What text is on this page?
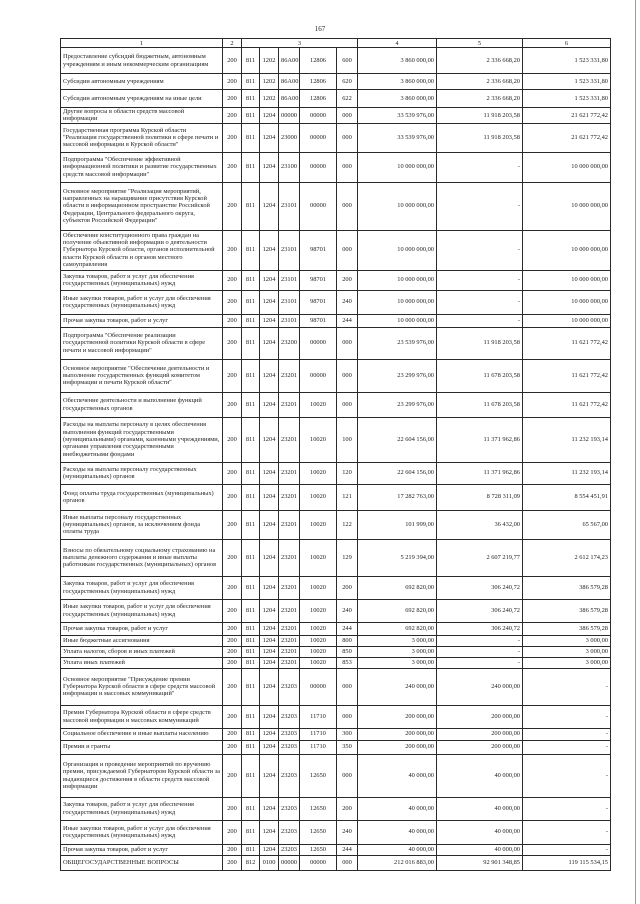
167
1	2	3					4	5	6
Предоставление субсидий бюджетным, автономным учреждениям и иным некоммерческим организациям	200	811	1202	86А00	12806	600	3 860 000,00	2 336 668,20	1 523 331,80
Субсидии автономным учреждениям	200	811	1202	86А00	12806	620	3 860 000,00	2 336 668,20	1 523 331,80
Субсидии автономным учреждениям на иные цели	200	811	1202	86А00	12806	622	3 860 000,00	2 336 668,20	1 523 331,80
Другие вопросы в области средств массовой информации	200	811	1204	00000	00000	000	33 539 976,00	11 918 203,58	21 621 772,42
Государственная программа Курской области "Реализация государственной политики в сфере печати и массовой информации в Курской области"	200	811	1204	23000	00000	000	33 539 976,00	11 918 203,58	21 621 772,42
Подпрограмма "Обеспечение эффективной информационной политики и развитие государственных средств массовой информации"	200	811	1204	23100	00000	000	10 000 000,00	-	10 000 000,00
Основное мероприятие "Реализация мероприятий, направленных на наращивание присутствия Курской области в информационном пространстве Российской Федерации, Центрального федерального округа, субъектов Российской Федерации"	200	811	1204	23101	00000	000	10 000 000,00	-	10 000 000,00
Обеспечение конституционного права граждан на получение объективной информации о деятельности Губернатора Курской области, органов исполнительной власти Курской области и органов местного самоуправления	200	811	1204	23101	98701	000	10 000 000,00	-	10 000 000,00
Закупка товаров, работ и услуг для обеспечения государственных (муниципальных) нужд	200	811	1204	23101	98701	200	10 000 000,00	-	10 000 000,00
Иные закупки товаров, работ и услуг для обеспечения государственных (муниципальных) нужд	200	811	1204	23101	98701	240	10 000 000,00	-	10 000 000,00
Прочая закупка товаров, работ и услуг	200	811	1204	23101	98701	244	10 000 000,00	-	10 000 000,00
Подпрограмма "Обеспечение реализации государственной политики Курской области в сфере печати и массовой информации"	200	811	1204	23200	00000	000	23 539 976,00	11 918 203,58	11 621 772,42
Основное мероприятие "Обеспечение деятельности и выполнение государственных функций комитетом информации и печати Курской области"	200	811	1204	23201	00000	000	23 299 976,00	11 678 203,58	11 621 772,42
Обеспечение деятельности и выполнение функций государственных органов	200	811	1204	23201	10020	000	23 299 976,00	11 678 203,58	11 621 772,42
Расходы на выплаты персоналу в целях обеспечения выполнения функций государственными (муниципальными) органами, казенными учреждениями, органами управления государственными внебюджетными фондами	200	811	1204	23201	10020	100	22 604 156,00	11 371 962,86	11 232 193,14
Расходы на выплаты персоналу государственных (муниципальных) органов	200	811	1204	23201	10020	120	22 604 156,00	11 371 962,86	11 232 193,14
Фонд оплаты труда государственных (муниципальных) органов	200	811	1204	23201	10020	121	17 282 763,00	8 728 311,09	8 554 451,91
Иные выплаты персоналу государственных (муниципальных) органов, за исключением фонда оплаты труда	200	811	1204	23201	10020	122	101 999,00	36 432,00	65 567,00
Взносы по обязательному социальному страхованию на выплаты денежного содержания и иные выплаты работникам государственных (муниципальных) органов	200	811	1204	23201	10020	129	5 219 394,00	2 607 219,77	2 612 174,23
Закупка товаров, работ и услуг для обеспечения государственных (муниципальных) нужд	200	811	1204	23201	10020	200	692 820,00	306 240,72	386 579,28
Иные закупки товаров, работ и услуг для обеспечения государственных (муниципальных) нужд	200	811	1204	23201	10020	240	692 820,00	306 240,72	386 579,28
Прочая закупка товаров, работ и услуг	200	811	1204	23201	10020	244	692 820,00	306 240,72	386 579,28
Иные бюджетные ассигнования	200	811	1204	23201	10020	800	3 000,00	-	3 000,00
Уплата налогов, сборов и иных платежей	200	811	1204	23201	10020	850	3 000,00	-	3 000,00
Уплата иных платежей	200	811	1204	23201	10020	853	3 000,00	-	3 000,00
Основное мероприятие "Присуждение премии Губернатора Курской области в сфере средств массовой информации и массовых коммуникаций"	200	811	1204	23203	00000	000	240 000,00	240 000,00	-
Премия Губернатора Курской области в сфере средств массовой информации и массовых коммуникаций	200	811	1204	23203	11710	000	200 000,00	200 000,00	-
Социальное обеспечение и иные выплаты населению	200	811	1204	23203	11710	300	200 000,00	200 000,00	-
Премии и гранты	200	811	1204	23203	11710	350	200 000,00	200 000,00	-
Организация и проведение мероприятий по вручению премии, присуждаемой Губернатором Курской области за выдающиеся достижения в области средств массовой информации	200	811	1204	23203	12650	000	40 000,00	40 000,00	-
Закупка товаров, работ и услуг для обеспечения государственных (муниципальных) нужд	200	811	1204	23203	12650	200	40 000,00	40 000,00	-
Иные закупки товаров, работ и услуг для обеспечения государственных (муниципальных) нужд	200	811	1204	23203	12650	240	40 000,00	40 000,00	-
Прочая закупка товаров, работ и услуг	200	811	1204	23203	12650	244	40 000,00	40 000,00	-
ОБЩЕГОСУДАРСТВЕННЫЕ ВОПРОСЫ	200	812	0100	00000	00000	000	212 016 883,00	92 901 348,85	119 115 534,15
